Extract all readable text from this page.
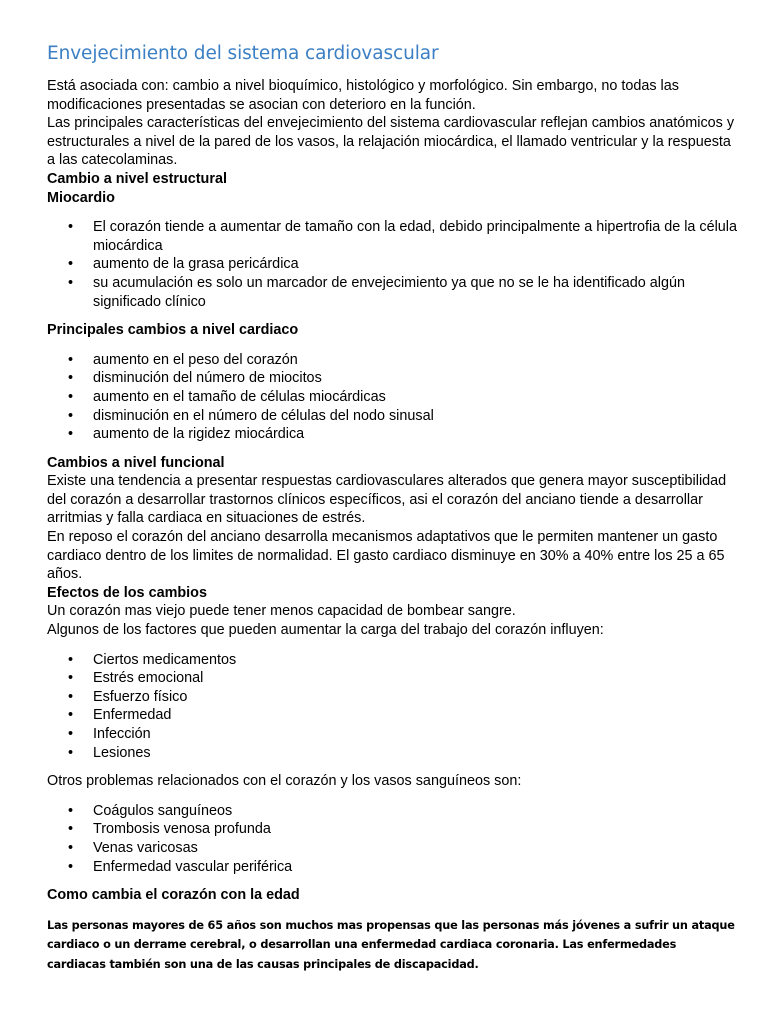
Envejecimiento del sistema cardiovascular

Está asociada con: cambio a nivel bioquímico, histológico y morfológico. Sin embargo, no todas las modificaciones presentadas se asocian con deterioro en la función.

Las principales características del envejecimiento del sistema cardiovascular reflejan cambios anatómicos y estructurales a nivel de la pared de los vasos, la relajación miocárdica, el llamado ventricular y la respuesta a las catecolaminas.

Cambio a nivel estructural

Miocardio

• El corazón tiende a aumentar de tamaño con la edad, debido principalmente a hipertrofia de la célula miocárdica
• aumento de la grasa pericárdica
• su acumulación es solo un marcador de envejecimiento ya que no se le ha identificado algún significado clínico

Principales cambios a nivel cardiaco

• aumento en el peso del corazón
• disminución del número de miocitos
• aumento en el tamaño de células miocárdicas
• disminución en el número de células del nodo sinusal
• aumento de la rigidez miocárdica

Cambios a nivel funcional

Existe una tendencia a presentar respuestas cardiovasculares alterados que genera mayor susceptibilidad del corazón a desarrollar trastornos clínicos específicos, asi el corazón del anciano tiende a desarrollar arritmias y falla cardiaca en situaciones de estrés.

En reposo el corazón del anciano desarrolla mecanismos adaptativos que le permiten mantener un gasto cardiaco dentro de los limites de normalidad. El gasto cardiaco disminuye en 30% a 40% entre los 25 a 65 años.

Efectos de los cambios

Un corazón mas viejo puede tener menos capacidad de bombear sangre.

Algunos de los factores que pueden aumentar la carga del trabajo del corazón influyen:

• Ciertos medicamentos
• Estrés emocional
• Esfuerzo físico
• Enfermedad
• Infección
• Lesiones

Otros problemas relacionados con el corazón y los vasos sanguíneos son:

• Coágulos sanguíneos
• Trombosis venosa profunda
• Venas varicosas
• Enfermedad vascular periférica

Como cambia el corazón con la edad

Las personas mayores de 65 años son muchos mas propensas que las personas más jóvenes a sufrir un ataque cardiaco o un derrame cerebral, o desarrollan una enfermedad cardiaca coronaria. Las enfermedades cardiacas también son una de las causas principales de discapacidad.
